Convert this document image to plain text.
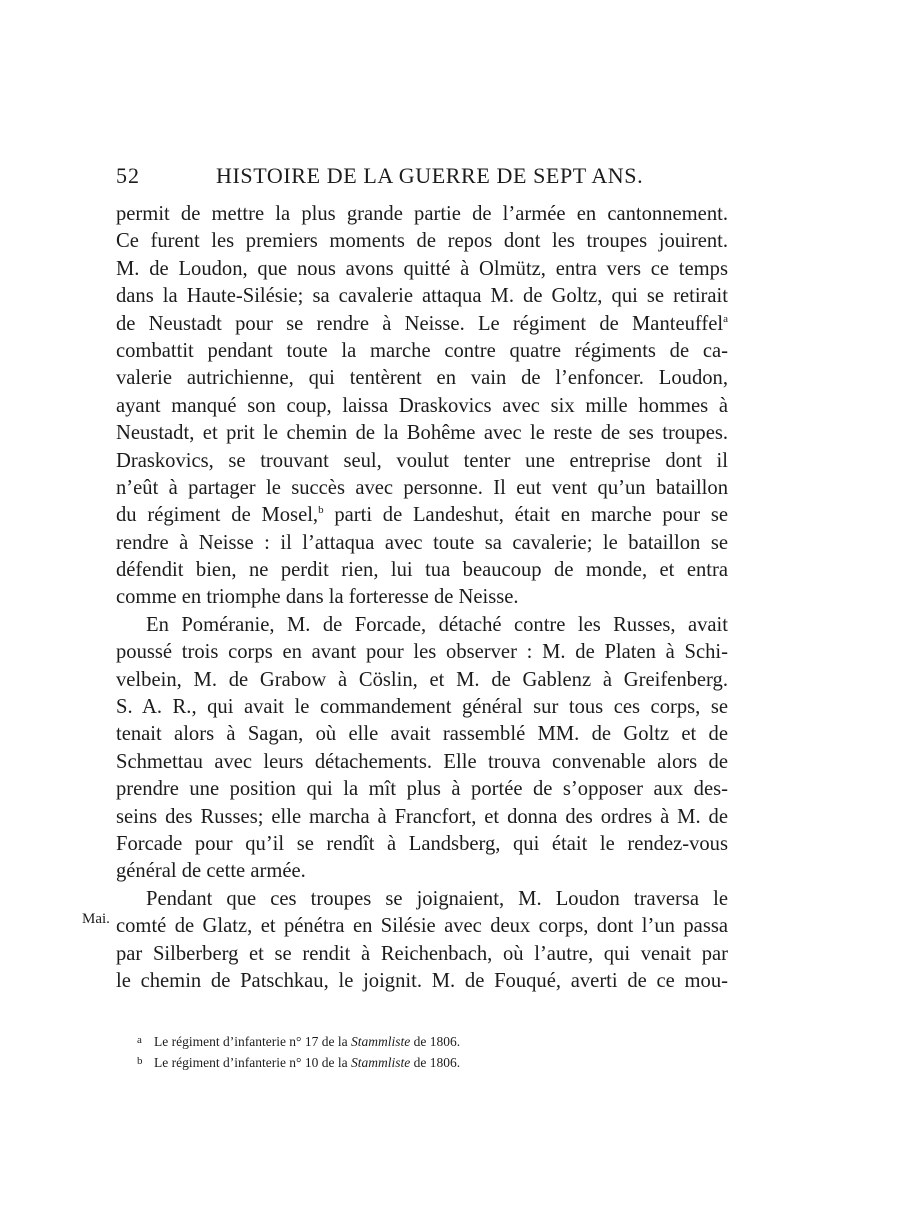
52	HISTOIRE DE LA GUERRE DE SEPT ANS.
Mai.
permit de mettre la plus grande partie de l’armée en cantonnement.
Ce furent les premiers moments de repos dont les troupes jouirent.
M. de Loudon, que nous avons quitté à Olmütz, entra vers ce temps
dans la Haute-Silésie; sa cavalerie attaqua M. de Goltz, qui se retirait
de Neustadt pour se rendre à Neisse. Le régiment de Manteuffel$^a$
combattit pendant toute la marche contre quatre régiments de ca-
valerie autrichienne, qui tentèrent en vain de l’enfoncer. Loudon,
ayant manqué son coup, laissa Draskovics avec six mille hommes à
Neustadt, et prit le chemin de la Bohême avec le reste de ses troupes.
Draskovics, se trouvant seul, voulut tenter une entreprise dont il
n’eût à partager le succès avec personne. Il eut vent qu’un bataillon
du régiment de Mosel,$^b$ parti de Landeshut, était en marche pour se
rendre à Neisse : il l’attaqua avec toute sa cavalerie; le bataillon se
défendit bien, ne perdit rien, lui tua beaucoup de monde, et entra
comme en triomphe dans la forteresse de Neisse.
En Poméranie, M. de Forcade, détaché contre les Russes, avait
poussé trois corps en avant pour les observer : M. de Platen à Schi-
velbein, M. de Grabow à Cöslin, et M. de Gablenz à Greifenberg.
S. A. R., qui avait le commandement général sur tous ces corps, se
tenait alors à Sagan, où elle avait rassemblé MM. de Goltz et de
Schmettau avec leurs détachements. Elle trouva convenable alors de
prendre une position qui la mît plus à portée de s’opposer aux des-
seins des Russes; elle marcha à Francfort, et donna des ordres à M. de
Forcade pour qu’il se rendît à Landsberg, qui était le rendez-vous
général de cette armée.
Pendant que ces troupes se joignaient, M. Loudon traversa le
comté de Glatz, et pénétra en Silésie avec deux corps, dont l’un passa
par Silberberg et se rendit à Reichenbach, où l’autre, qui venait par
le chemin de Patschkau, le joignit. M. de Fouqué, averti de ce mou-
a Le régiment d’infanterie n° 17 de la Stammliste de 1806.
b Le régiment d’infanterie n° 10 de la Stammliste de 1806.
